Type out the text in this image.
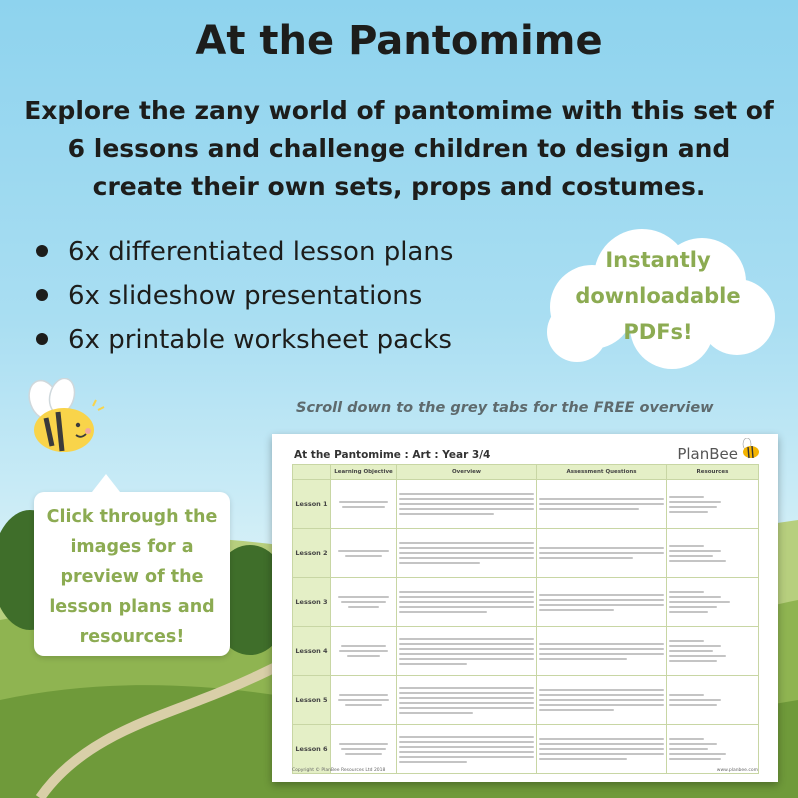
At the Pantomime

Explore the zany world of pantomime with this set of 6 lessons and challenge children to design and create their own sets, props and costumes.

6x differentiated lesson plans
6x slideshow presentations
6x printable worksheet packs
Instantly
downloadable
PDFs!
Scroll down to the grey tabs for the FREE overview
Click through the
images for a
preview of the
lesson plans and
resources!
At the Pantomime : Art : Year 3/4	PlanBee
	Learning Objective	Overview	Assessment Questions	Resources
Lesson 1	

Lesson 2	

Lesson 3	

Lesson 4	

Lesson 5	

Lesson 6	

Copyright © PlanBee Resources Ltd 2018	www.planbee.com
